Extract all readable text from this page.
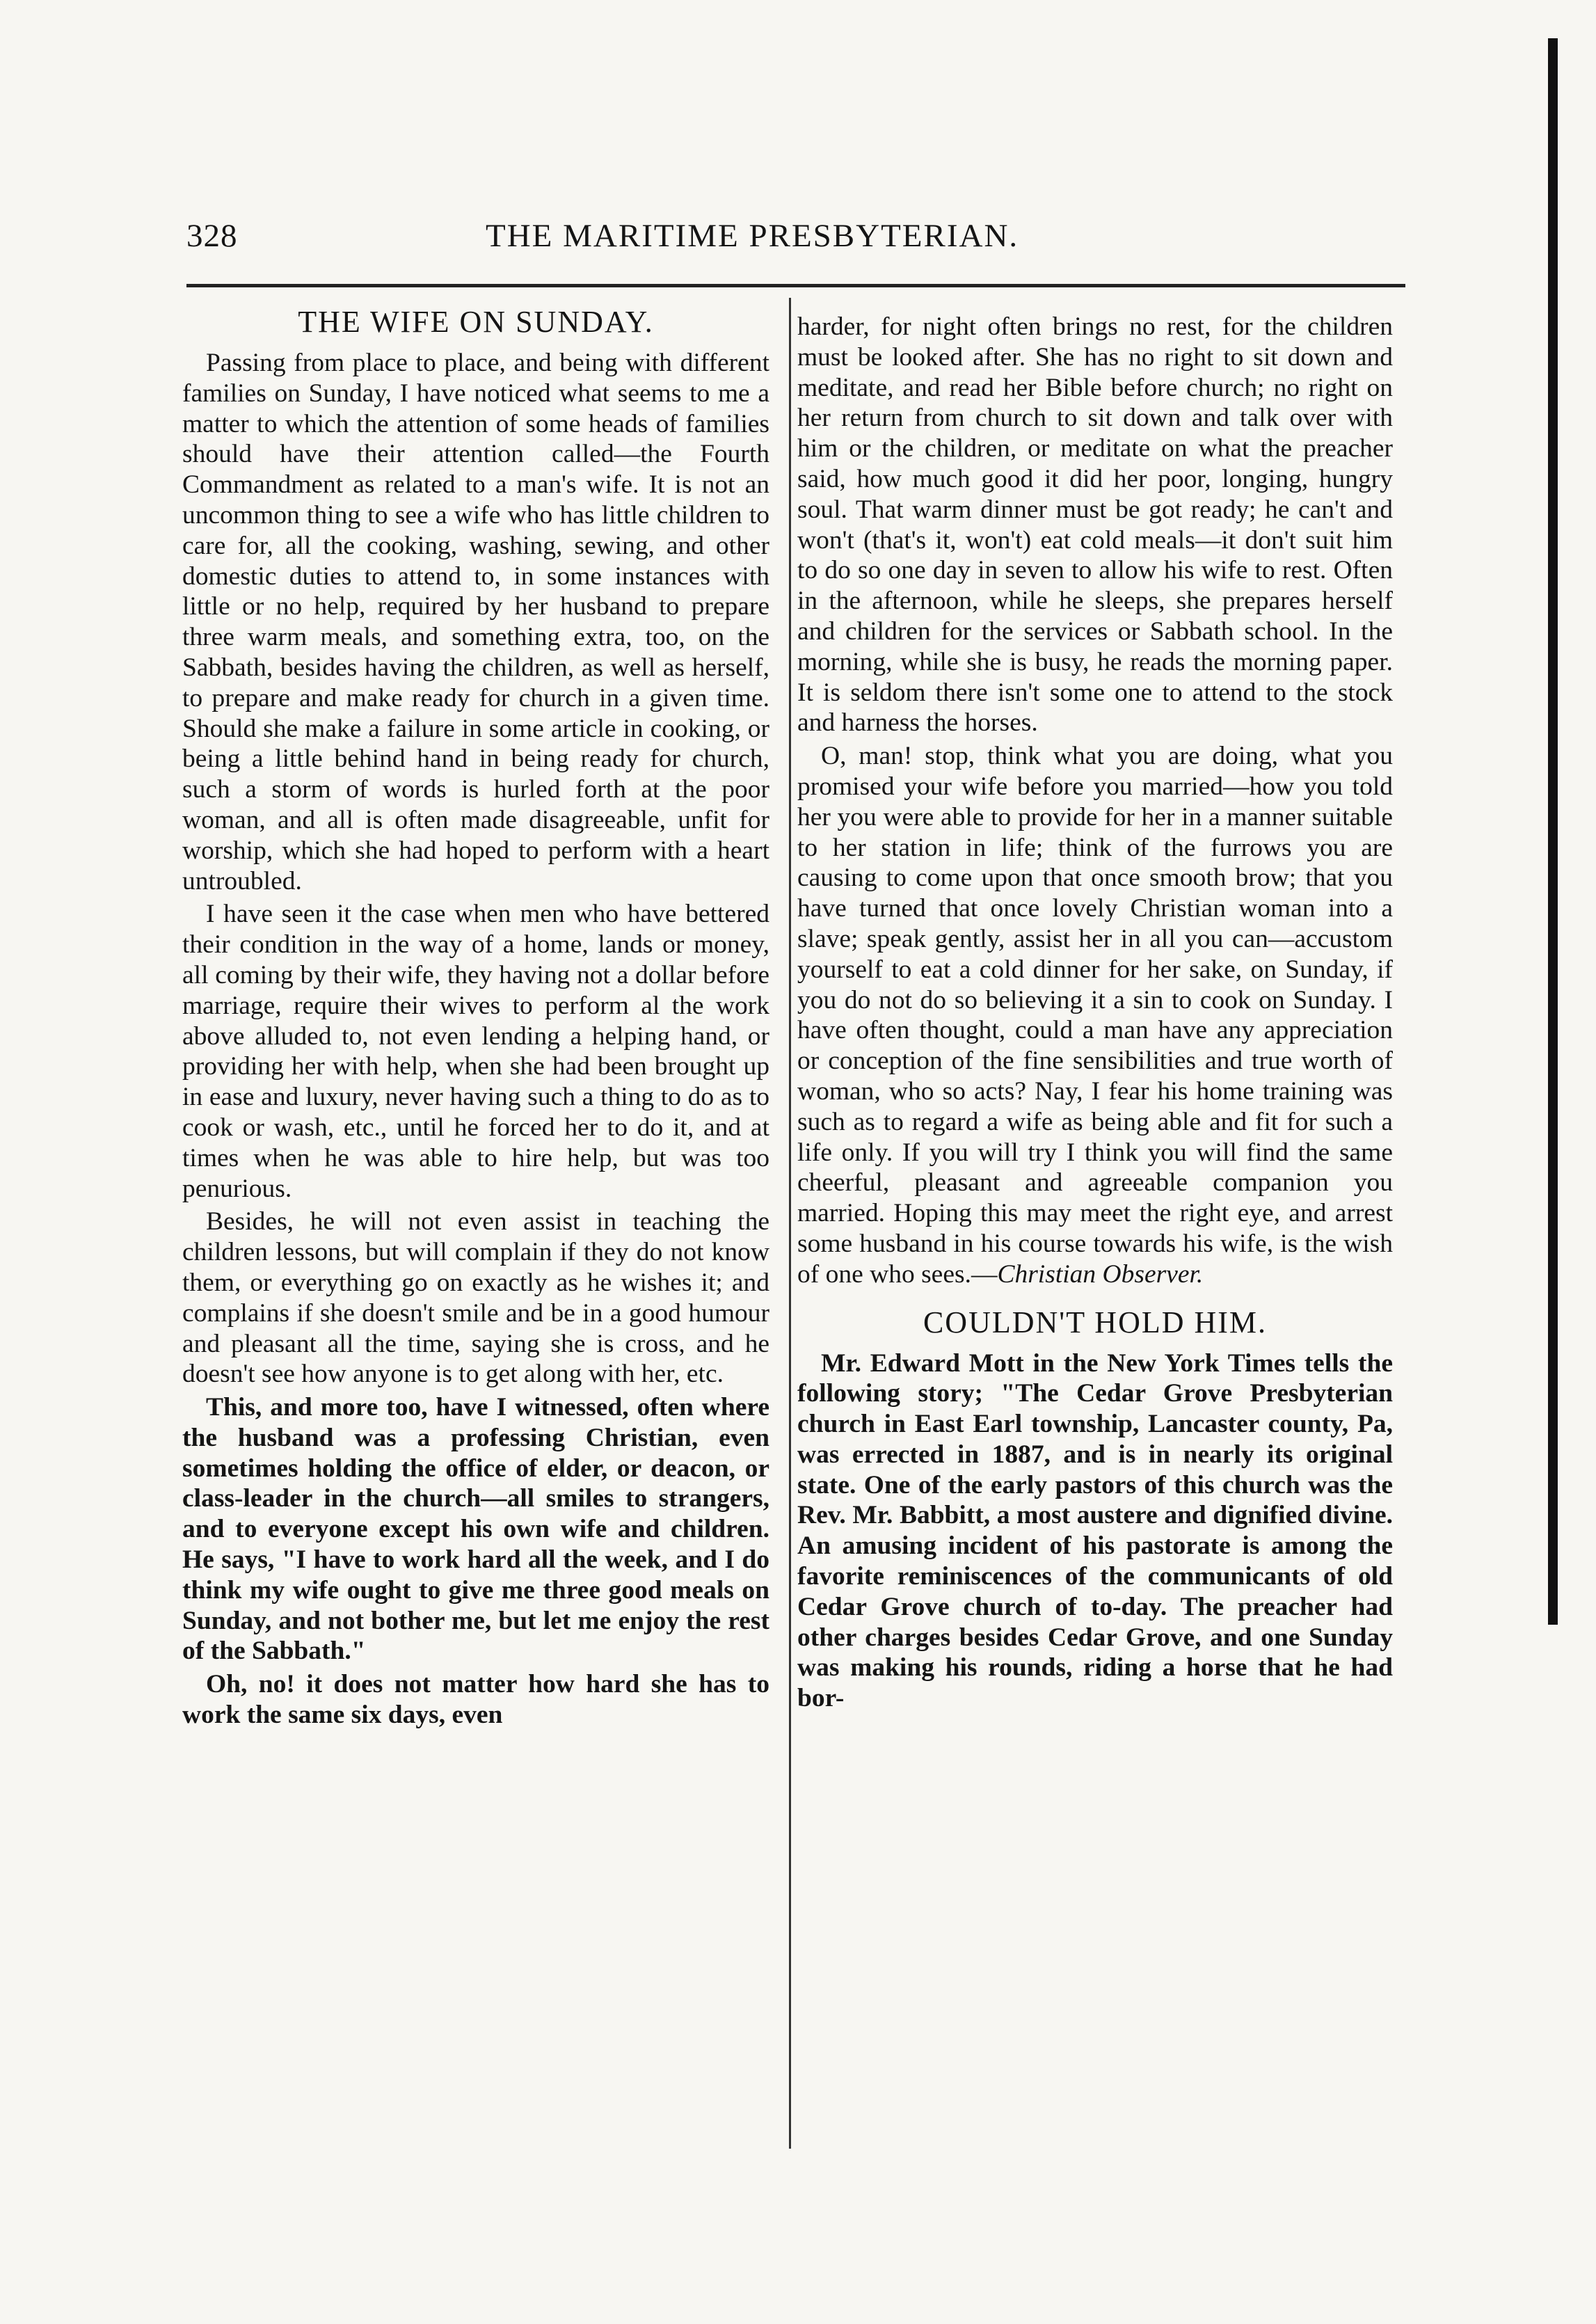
328	THE MARITIME PRESBYTERIAN.
THE WIFE ON SUNDAY.

Passing from place to place, and being with different families on Sunday, I have noticed what seems to me a matter to which the attention of some heads of families should have their attention called—the Fourth Commandment as related to a man's wife. It is not an uncommon thing to see a wife who has little children to care for, all the cooking, washing, sewing, and other domestic duties to attend to, in some instances with little or no help, required by her husband to prepare three warm meals, and something extra, too, on the Sabbath, besides having the children, as well as herself, to prepare and make ready for church in a given time. Should she make a failure in some article in cooking, or being a little behind hand in being ready for church, such a storm of words is hurled forth at the poor woman, and all is often made disagreeable, unfit for worship, which she had hoped to perform with a heart untroubled.

I have seen it the case when men who have bettered their condition in the way of a home, lands or money, all coming by their wife, they having not a dollar before marriage, require their wives to perform al the work above alluded to, not even lending a helping hand, or providing her with help, when she had been brought up in ease and luxury, never having such a thing to do as to cook or wash, etc., until he forced her to do it, and at times when he was able to hire help, but was too penurious.

Besides, he will not even assist in teaching the children lessons, but will complain if they do not know them, or everything go on exactly as he wishes it; and complains if she doesn't smile and be in a good humour and pleasant all the time, saying she is cross, and he doesn't see how anyone is to get along with her, etc.

This, and more too, have I witnessed, often where the husband was a professing Christian, even sometimes holding the office of elder, or deacon, or class-leader in the church—all smiles to strangers, and to everyone except his own wife and children. He says, "I have to work hard all the week, and I do think my wife ought to give me three good meals on Sunday, and not bother me, but let me enjoy the rest of the Sabbath."

Oh, no! it does not matter how hard she has to work the same six days, even

harder, for night often brings no rest, for the children must be looked after. She has no right to sit down and meditate, and read her Bible before church; no right on her return from church to sit down and talk over with him or the children, or meditate on what the preacher said, how much good it did her poor, longing, hungry soul. That warm dinner must be got ready; he can't and won't (that's it, won't) eat cold meals—it don't suit him to do so one day in seven to allow his wife to rest. Often in the afternoon, while he sleeps, she prepares herself and children for the services or Sabbath school. In the morning, while she is busy, he reads the morning paper. It is seldom there isn't some one to attend to the stock and harness the horses.

O, man! stop, think what you are doing, what you promised your wife before you married—how you told her you were able to provide for her in a manner suitable to her station in life; think of the furrows you are causing to come upon that once smooth brow; that you have turned that once lovely Christian woman into a slave; speak gently, assist her in all you can—accustom yourself to eat a cold dinner for her sake, on Sunday, if you do not do so believing it a sin to cook on Sunday. I have often thought, could a man have any appreciation or conception of the fine sensibilities and true worth of woman, who so acts? Nay, I fear his home training was such as to regard a wife as being able and fit for such a life only. If you will try I think you will find the same cheerful, pleasant and agreeable companion you married. Hoping this may meet the right eye, and arrest some husband in his course towards his wife, is the wish of one who sees.—Christian Observer.

COULDN'T HOLD HIM.

Mr. Edward Mott in the New York Times tells the following story; "The Cedar Grove Presbyterian church in East Earl township, Lancaster county, Pa, was errected in 1887, and is in nearly its original state. One of the early pastors of this church was the Rev. Mr. Babbitt, a most austere and dignified divine. An amusing incident of his pastorate is among the favorite reminiscences of the communicants of old Cedar Grove church of to-day. The preacher had other charges besides Cedar Grove, and one Sunday was making his rounds, riding a horse that he had bor-
